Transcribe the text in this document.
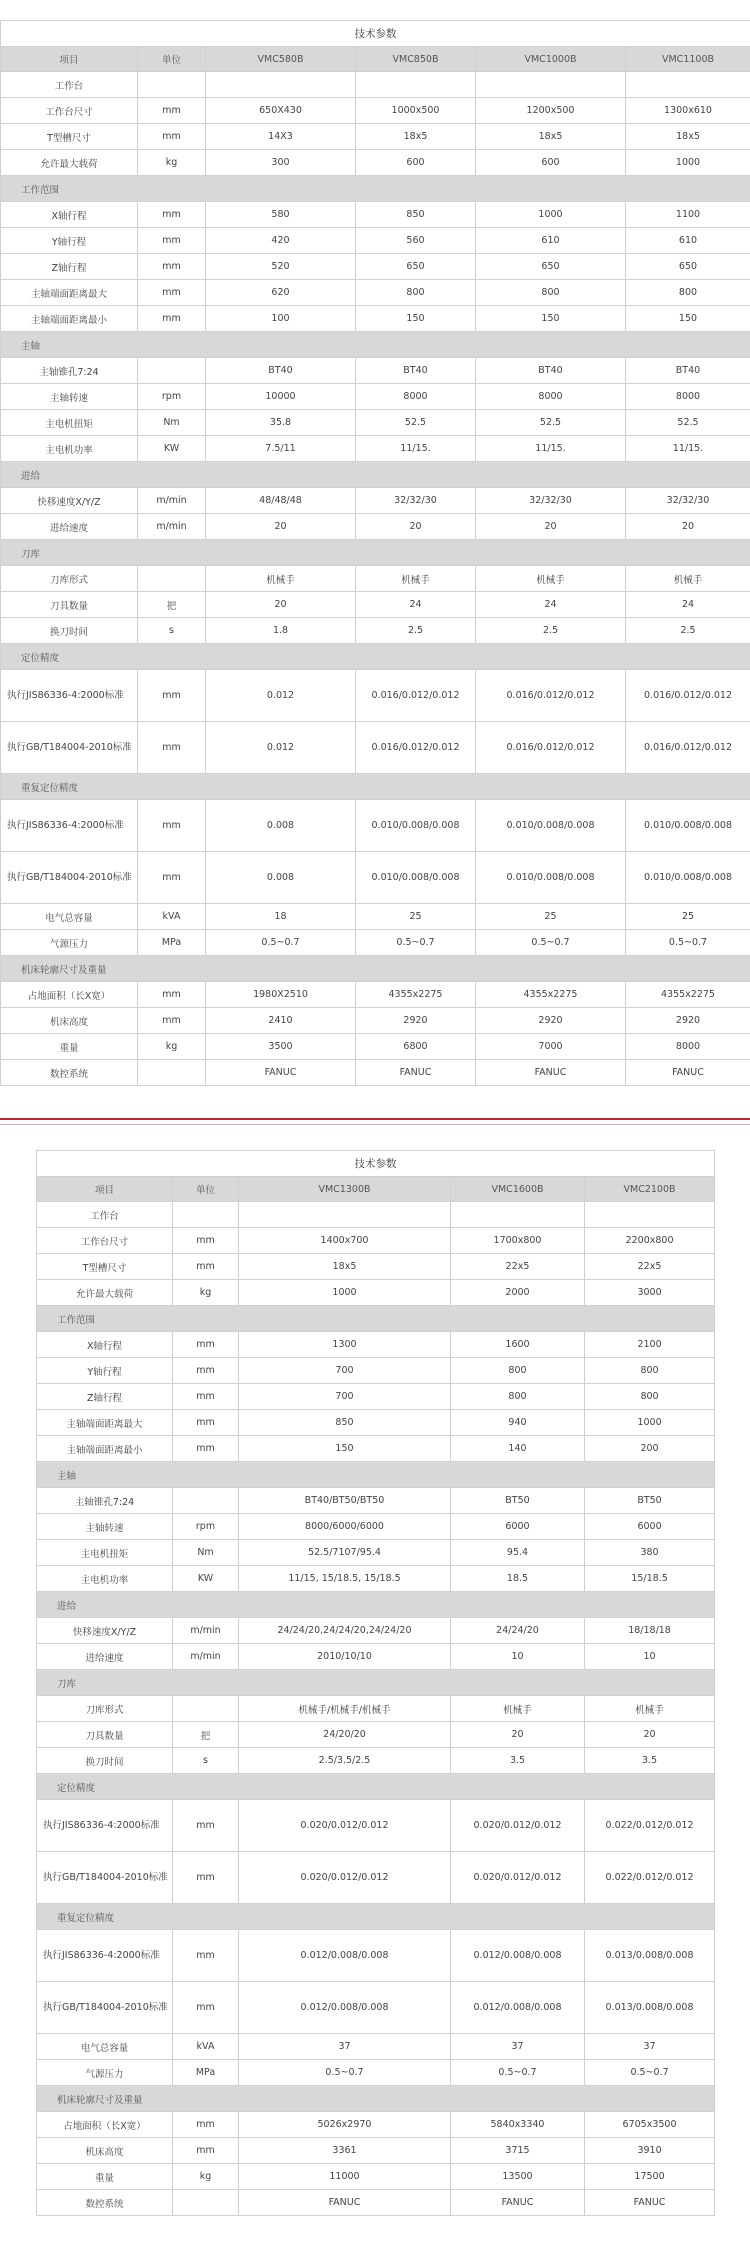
技术参数					
项目	单位	VMC580B	VMC850B	VMC1000B	VMC1100B
工作台					
工作台尺寸	mm	650X430	1000x500	1200x500	1300x610
T型槽尺寸	mm	14X3	18x5	18x5	18x5
允许最大载荷	kg	300	600	600	1000
工作范围					
X轴行程	mm	580	850	1000	1100
Y轴行程	mm	420	560	610	610
Z轴行程	mm	520	650	650	650
主轴端面距离最大	mm	620	800	800	800
主轴端面距离最小	mm	100	150	150	150
主轴					
主轴锥孔7:24		BT40	BT40	BT40	BT40
主轴转速	rpm	10000	8000	8000	8000
主电机扭矩	Nm	35.8	52.5	52.5	52.5
主电机功率	KW	7.5/11	11/15.	11/15.	11/15.
进给					
快移速度X/Y/Z	m/min	48/48/48	32/32/30	32/32/30	32/32/30
进给速度	m/min	20	20	20	20
刀库					
刀库形式		机械手	机械手	机械手	机械手
刀具数量	把	20	24	24	24
换刀时间	s	1.8	2.5	2.5	2.5
定位精度					
执行JIS86336-4:2000标准	mm	0.012	0.016/0.012/0.012	0.016/0.012/0.012	0.016/0.012/0.012
执行GB/T184004-2010标准	mm	0.012	0.016/0.012/0.012	0.016/0.012/0.012	0.016/0.012/0.012
重复定位精度					
执行JIS86336-4:2000标准	mm	0.008	0.010/0.008/0.008	0.010/0.008/0.008	0.010/0.008/0.008
执行GB/T184004-2010标准	mm	0.008	0.010/0.008/0.008	0.010/0.008/0.008	0.010/0.008/0.008
电气总容量	kVA	18	25	25	25
气源压力	MPa	0.5~0.7	0.5~0.7	0.5~0.7	0.5~0.7
机床轮廓尺寸及重量					
占地面积（长X宽）	mm	1980X2510	4355x2275	4355x2275	4355x2275
机床高度	mm	2410	2920	2920	2920
重量	kg	3500	6800	7000	8000
数控系统		FANUC	FANUC	FANUC	FANUC
技术参数				
项目	单位	VMC1300B	VMC1600B	VMC2100B
工作台				
工作台尺寸	mm	1400x700	1700x800	2200x800
T型槽尺寸	mm	18x5	22x5	22x5
允许最大载荷	kg	1000	2000	3000
工作范围				
X轴行程	mm	1300	1600	2100
Y轴行程	mm	700	800	800
Z轴行程	mm	700	800	800
主轴端面距离最大	mm	850	940	1000
主轴端面距离最小	mm	150	140	200
主轴				
主轴锥孔7:24		BT40/BT50/BT50	BT50	BT50
主轴转速	rpm	8000/6000/6000	6000	6000
主电机扭矩	Nm	52.5/7107/95.4	95.4	380
主电机功率	KW	11/15, 15/18.5, 15/18.5	18.5	15/18.5
进给				
快移速度X/Y/Z	m/min	24/24/20,24/24/20,24/24/20	24/24/20	18/18/18
进给速度	m/min	2010/10/10	10	10
刀库				
刀库形式		机械手/机械手/机械手	机械手	机械手
刀具数量	把	24/20/20	20	20
换刀时间	s	2.5/3.5/2.5	3.5	3.5
定位精度				
执行JIS86336-4:2000标准	mm	0.020/0.012/0.012	0.020/0.012/0.012	0.022/0.012/0.012
执行GB/T184004-2010标准	mm	0.020/0.012/0.012	0.020/0.012/0.012	0.022/0.012/0.012
重复定位精度				
执行JIS86336-4:2000标准	mm	0.012/0.008/0.008	0.012/0.008/0.008	0.013/0.008/0.008
执行GB/T184004-2010标准	mm	0.012/0.008/0.008	0.012/0.008/0.008	0.013/0.008/0.008
电气总容量	kVA	37	37	37
气源压力	MPa	0.5~0.7	0.5~0.7	0.5~0.7
机床轮廓尺寸及重量				
占地面积（长X宽）	mm	5026x2970	5840x3340	6705x3500
机床高度	mm	3361	3715	3910
重量	kg	11000	13500	17500
数控系统		FANUC	FANUC	FANUC
